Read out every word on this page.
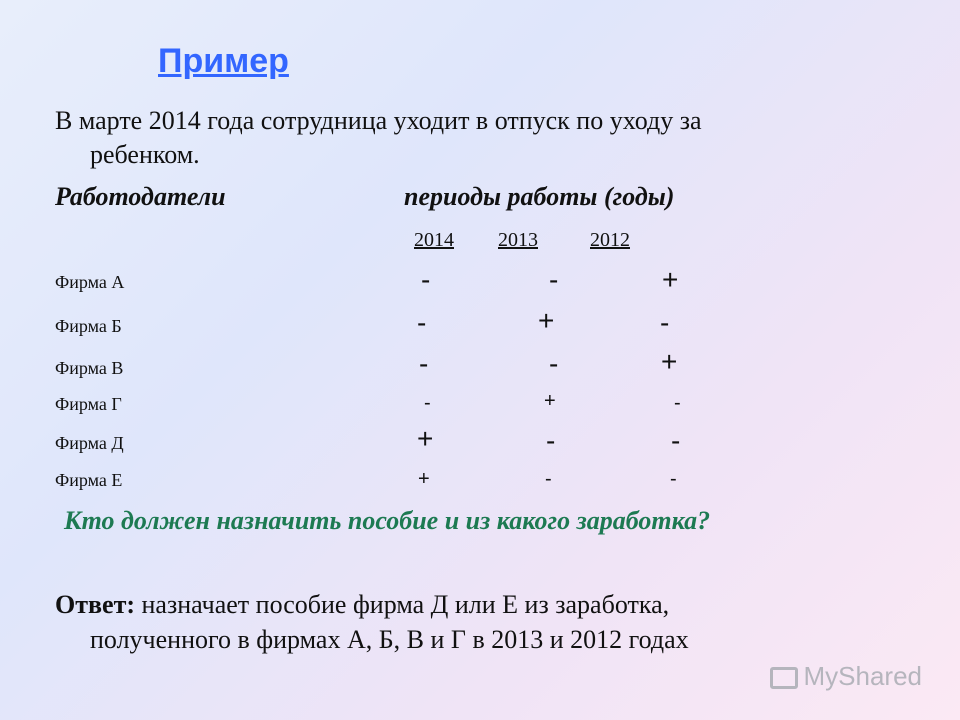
Пример
В марте 2014 года сотрудница уходит в отпуск по уходу за
ребенком.
Работодатели	периоды работы (годы)
2014 2013	2012
Фирма А	-	-	+
Фирма Б	-	+	-
Фирма В	-	-	+
Фирма Г	-	+	-
Фирма Д	+	-	-
Фирма Е	+	-	-
Кто должен назначить пособие и из какого заработка?
Ответ: назначает пособие фирма Д или Е из заработка,
полученного в фирмах А, Б, В и Г в 2013 и 2012 годах
MyShared
